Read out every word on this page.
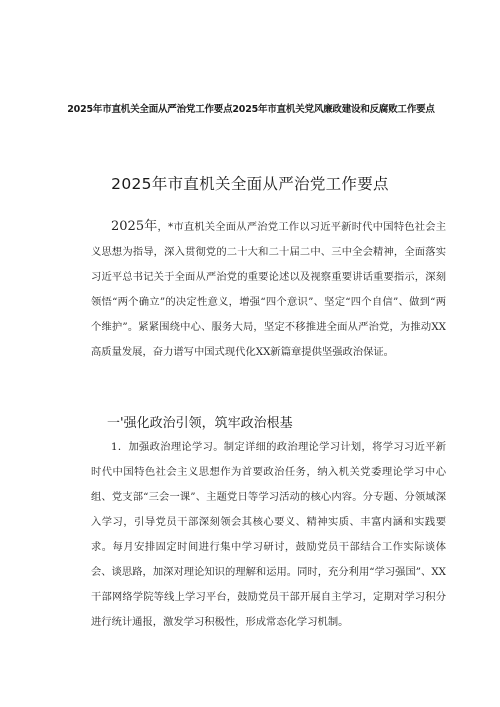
2025年市直机关全面从严治党工作要点2025年市直机关党风廉政建设和反腐败工作要点
2025年市直机关全面从严治党工作要点
2025年，*市直机关全面从严治党工作以习近平新时代中国特色社会主义思想为指导，深入贯彻党的二十大和二十届二中、三中全会精神，全面落实习近平总书记关于全面从严治党的重要论述以及视察重要讲话重要指示，深刻领悟“两个确立”的决定性意义，增强“四个意识”、坚定“四个自信”、做到“两个维护”。紧紧围绕中心、服务大局，坚定不移推进全面从严治党，为推动XX高质量发展，奋力谱写中国式现代化XX新篇章提供坚强政治保证。
一'强化政治引领，筑牢政治根基
1．加强政治理论学习。制定详细的政治理论学习计划，将学习习近平新时代中国特色社会主义思想作为首要政治任务，纳入机关党委理论学习中心组、党支部“三会一课”、主题党日等学习活动的核心内容。分专题、分领域深入学习，引导党员干部深刻领会其核心要义、精神实质、丰富内涵和实践要求。每月安排固定时间进行集中学习研讨，鼓励党员干部结合工作实际谈体会、谈思路，加深对理论知识的理解和运用。同时，充分利用“学习强国”、XX干部网络学院等线上学习平台，鼓励党员干部开展自主学习，定期对学习积分进行统计通报，激发学习积极性，形成常态化学习机制。
